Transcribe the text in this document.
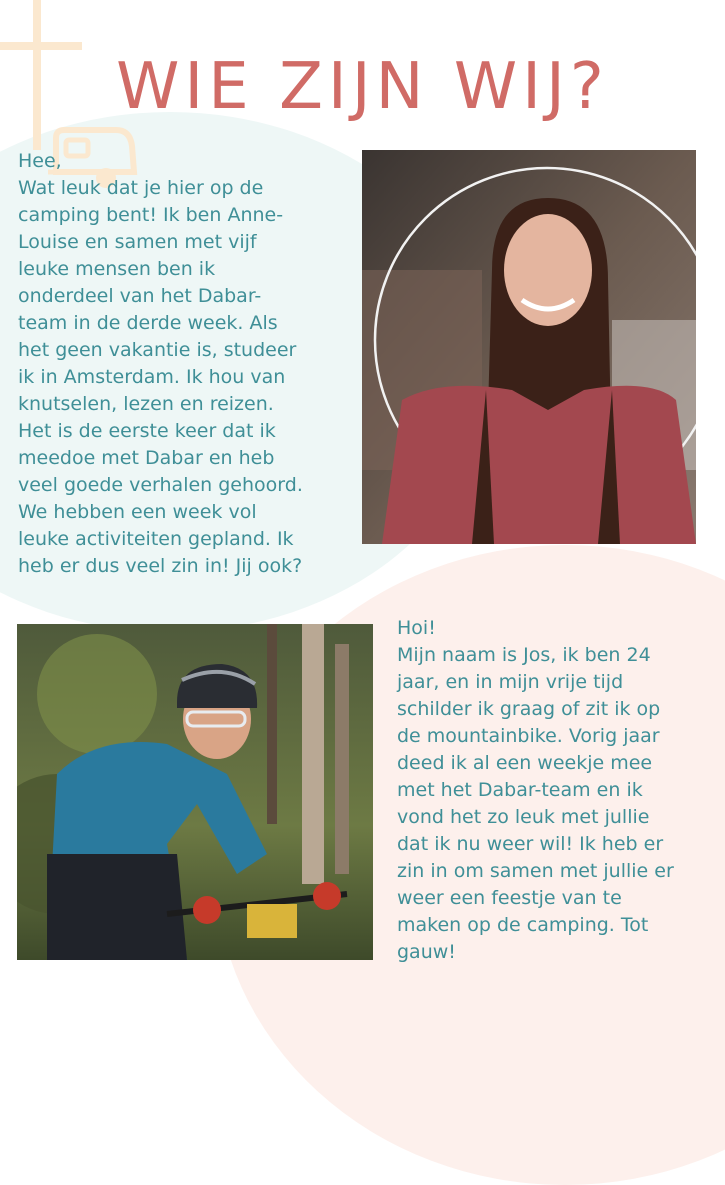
WIE ZIJN WIJ?

Hee,
Wat leuk dat je hier op de
camping bent! Ik ben Anne-
Louise en samen met vijf
leuke mensen ben ik
onderdeel van het Dabar-
team in de derde week. Als
het geen vakantie is, studeer
ik in Amsterdam. Ik hou van
knutselen, lezen en reizen.
Het is de eerste keer dat ik
meedoe met Dabar en heb
veel goede verhalen gehoord.
We hebben een week vol
leuke activiteiten gepland. Ik
heb er dus veel zin in! Jij ook?

Hoi!
Mijn naam is Jos, ik ben 24
jaar, en in mijn vrije tijd
schilder ik graag of zit ik op
de mountainbike. Vorig jaar
deed ik al een weekje mee
met het Dabar-team en ik
vond het zo leuk met jullie
dat ik nu weer wil! Ik heb er
zin in om samen met jullie er
weer een feestje van te
maken op de camping. Tot
gauw!
